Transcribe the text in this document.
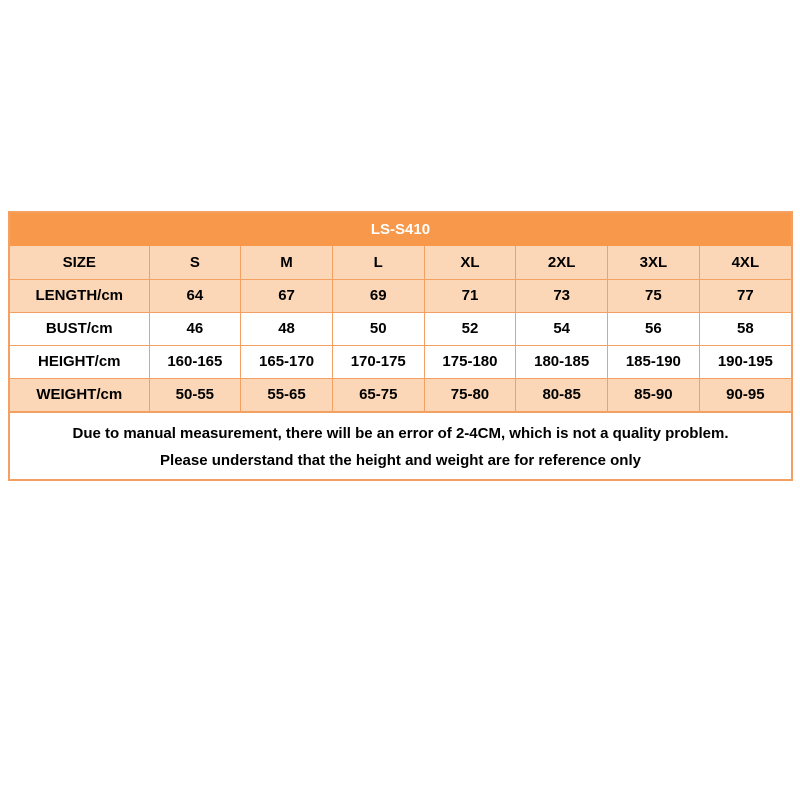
LS-S410
SIZE	S	M	L	XL	2XL	3XL	4XL
LENGTH/cm	64	67	69	71	73	75	77
BUST/cm	46	48	50	52	54	56	58
HEIGHT/cm	160-165	165-170	170-175	175-180	180-185	185-190	190-195
WEIGHT/cm	50-55	55-65	65-75	75-80	80-85	85-90	90-95
Due to manual measurement, there will be an error of 2-4CM, which is not a quality problem. Please understand that the height and weight are for reference only
